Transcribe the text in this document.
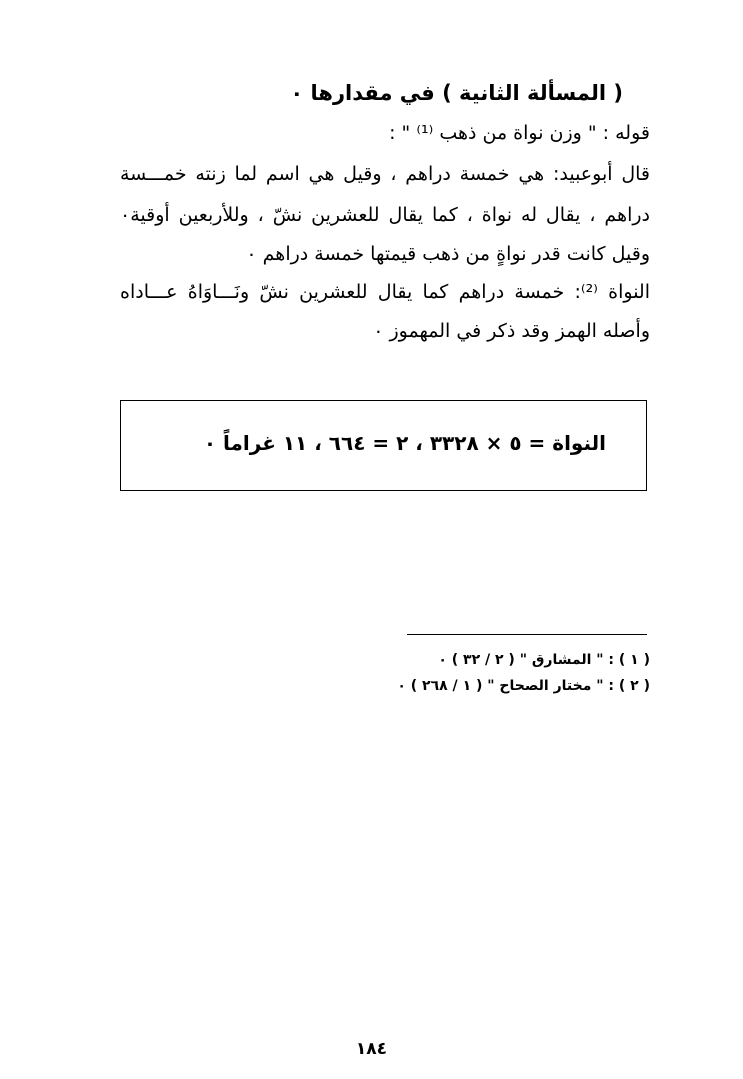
( المسألة الثانية ) في مقدارها ٠
قوله : " وزن نواة من ذهب ⁽¹⁾ " :
قال أبوعبيد: هي خمسة دراهم ، وقيل هي اسم لما زنته خمـــسة
دراهم ، يقال له نواة ، كما يقال للعشرين نشّ ، وللأربعين أوقية٠
وقيل كانت قدر نواةٍ من ذهب قيمتها خمسة دراهم ٠
النواة ⁽²⁾: خمسة دراهم كما يقال للعشرين نشّ ونَـــاوَاهُ عـــاداه
وأصله الهمز وقد ذكر في المهموز ٠
النواة = ٥ × ٣٣٢٨ ، ٢ = ٦٦٤ ، ١١ غراماً ٠
( ١ ) : " المشارق " ( ٢ / ٣٢ ) ٠
( ٢ ) : " مختار الصحاح " ( ١ / ٢٦٨ ) ٠
١٨٤
